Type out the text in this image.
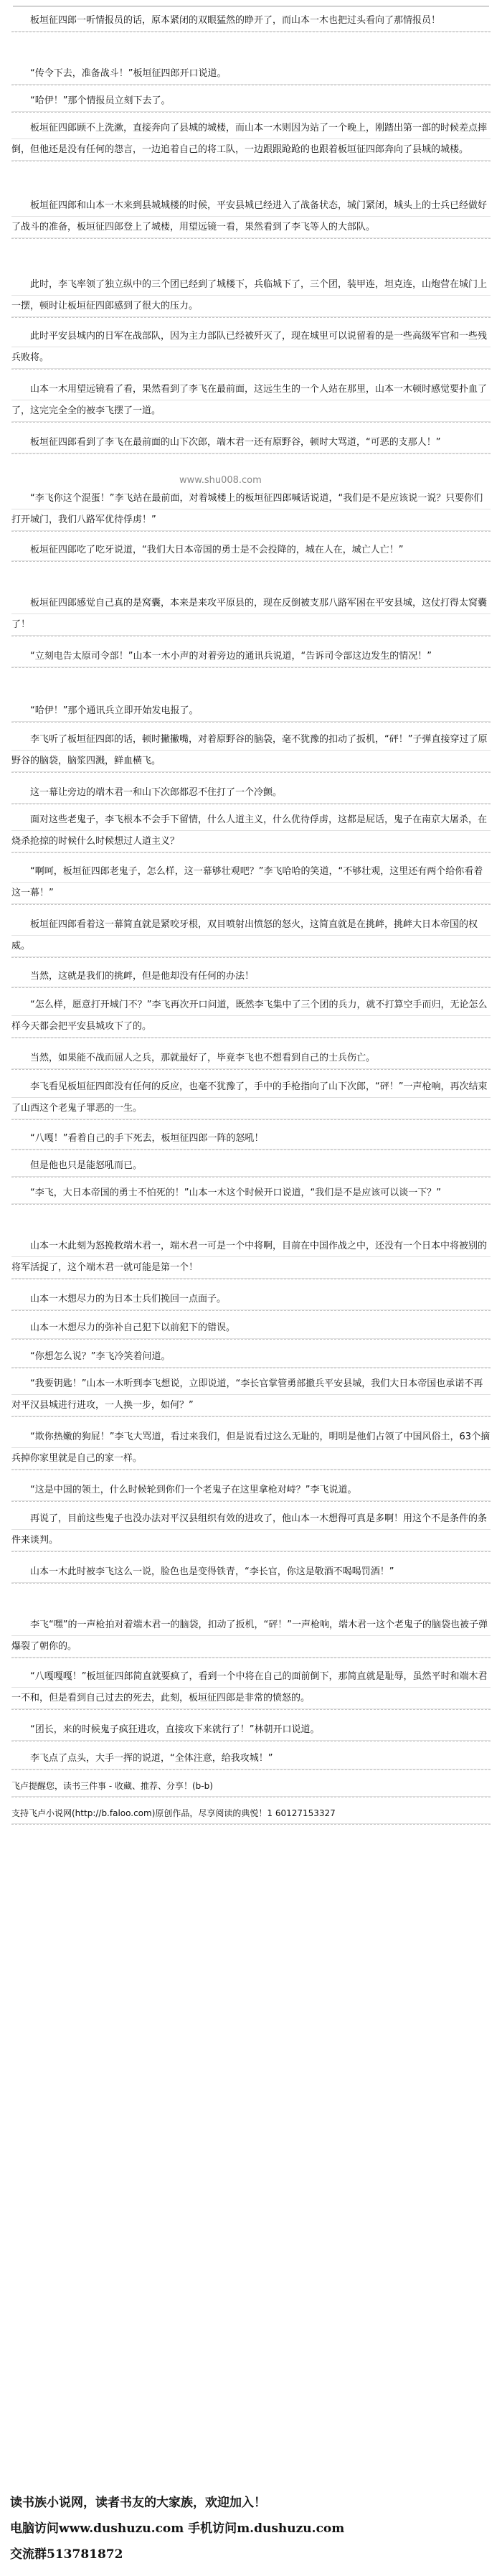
板垣征四郎一听情报员的话，原本紧闭的双眼猛然的睁开了，而山本一木也把过头看向了那情报员！
“传令下去，准备战斗！”板垣征四郎开口说道。
“哈伊！”那个情报员立刻下去了。
板垣征四郎顾不上洗漱，直接奔向了县城的城楼，而山本一木则因为站了一个晚上，刚踏出第一部的时候差点摔倒，但他还是没有任何的怨言，一边追着自己的将工队，一边跟跟跄跄的也跟着板垣征四郎奔向了县城的城楼。
板垣征四郎和山本一木来到县城城楼的时候，平安县城已经进入了战备状态，城门紧闭，城头上的士兵已经做好了战斗的准备，板垣征四郎登上了城楼，用望远镜一看，果然看到了李飞等人的大部队。
此时，李飞率领了独立纵中的三个团已经到了城楼下，兵临城下了，三个团，装甲连，坦克连，山炮营在城门上一摆，顿时让板垣征四郎感到了很大的压力。
此时平安县城内的日军在战部队，因为主力部队已经被歼灭了，现在城里可以说留着的是一些高级军官和一些残兵败将。
山本一木用望远镜看了看，果然看到了李飞在最前面，这远生生的一个人站在那里，山本一木顿时感觉要扑血了了，这完完全全的被李飞摆了一道。
板垣征四郎看到了李飞在最前面的山下次郎，端木君一还有原野谷，顿时大骂道，“可恶的支那人！”
www.shu008.com
“李飞你这个混蛋！”李飞站在最前面，对着城楼上的板垣征四郎喊话说道，“我们是不是应该说一说？只要你们打开城门，我们八路军优待俘虏！”
板垣征四郎吃了吃牙说道，“我们大日本帝国的勇士是不会投降的，城在人在，城亡人亡！”
板垣征四郎感觉自己真的是窝囊，本来是来攻平原县的，现在反倒被支那八路军困在平安县城，这仗打得太窝囊了！
“立刻电告太原司令部！”山本一木小声的对着旁边的通讯兵说道，“告诉司令部这边发生的情况！”
“哈伊！”那个通讯兵立即开始发电报了。
李飞听了板垣征四郎的话，顿时撇撇嘴，对着原野谷的脑袋，毫不犹豫的扣动了扳机，“砰！”子弹直接穿过了原野谷的脑袋，脑浆四溅，鲜血横飞。
这一幕让旁边的端木君一和山下次郎都忍不住打了一个冷颤。
面对这些老鬼子，李飞根本不会手下留情，什么人道主义，什么优待俘虏，这都是屁话，鬼子在南京大屠杀，在烧杀抢掠的时候什么时候想过人道主义？
“啊呵，板垣征四郎老鬼子，怎么样，这一幕够壮观吧？”李飞哈哈的笑道，“不够壮观，这里还有两个给你看着这一幕！”
板垣征四郎看着这一幕简直就是紧咬牙根，双目喷射出愤怒的怒火，这简直就是在挑衅，挑衅大日本帝国的权威。
当然，这就是我们的挑衅，但是他却没有任何的办法！
“怎么样，愿意打开城门不？”李飞再次开口问道，既然李飞集中了三个团的兵力，就不打算空手而归，无论怎么样今天都会把平安县城攻下了的。
当然，如果能不战而屈人之兵，那就最好了，毕竟李飞也不想看到自己的士兵伤亡。
李飞看见板垣征四郎没有任何的反应，也毫不犹豫了，手中的手枪指向了山下次郎，“砰！”一声枪响，再次结束了山西这个老鬼子罪恶的一生。
“八嘎！”看着自己的手下死去，板垣征四郎一阵的怒吼！
但是他也只是能怒吼而已。
“李飞，大日本帝国的勇士不怕死的！”山本一木这个时候开口说道，“我们是不是应该可以谈一下？”
山本一木此刻为怒挽救端木君一，端木君一可是一个中将啊，目前在中国作战之中，还没有一个日本中将被别的将军活捉了，这个端木君一就可能是第一个！
山本一木想尽力的为日本士兵们挽回一点面子。
山本一木想尽力的弥补自己犯下以前犯下的错误。
“你想怎么说？”李飞冷笑着问道。
“我要钥匙！”山本一木听到李飞想说，立即说道，“李长官掌管勇部撤兵平安县城，我们大日本帝国也承诺不再对平汉县城进行进攻，一人换一步，如何？”
“欺你热嫩的狗屁！”李飞大骂道，看过来我们，但是说看过这么无耻的，明明是他们占领了中国风俗土，63个摘兵掉你家里就是自己的家一样。
“这是中国的领土，什么时候轮到你们一个老鬼子在这里拿枪对峙？”李飞说道。
再说了，目前这些鬼子也没办法对平汉县组织有效的进攻了，他山本一木想得可真是多啊！用这个不是条件的条件来谈判。
山本一木此时被李飞这么一说，脸色也是变得铁青，“李长官，你这是敬酒不喝喝罚酒！”
李飞“嘿”的一声枪拍对着端木君一的脑袋，扣动了扳机，“砰！”一声枪响，端木君一这个老鬼子的脑袋也被子弹爆裂了朝你的。
“八嘎嘎嘎！”板垣征四郎简直就要疯了，看到一个中将在自己的面前倒下，那简直就是耻辱，虽然平时和端木君一不和，但是看到自己过去的死去，此刻，板垣征四郎是非常的愤怒的。
“团长，来的时候鬼子疯狂进攻，直接攻下来就行了！”林朝开口说道。
李飞点了点头，大手一挥的说道，“全体注意，给我攻城！”
飞卢提醒您，读书三件事 - 收藏、推荐、分享！(b-b)
支持飞卢小说网(http://b.faloo.com)原创作品，尽享阅读的典悦！1 60127153327
读书族小说网，读者书友的大家族，欢迎加入！
电脑访问www.dushuzu.com 手机访问m.dushuzu.com
交流群513781872
